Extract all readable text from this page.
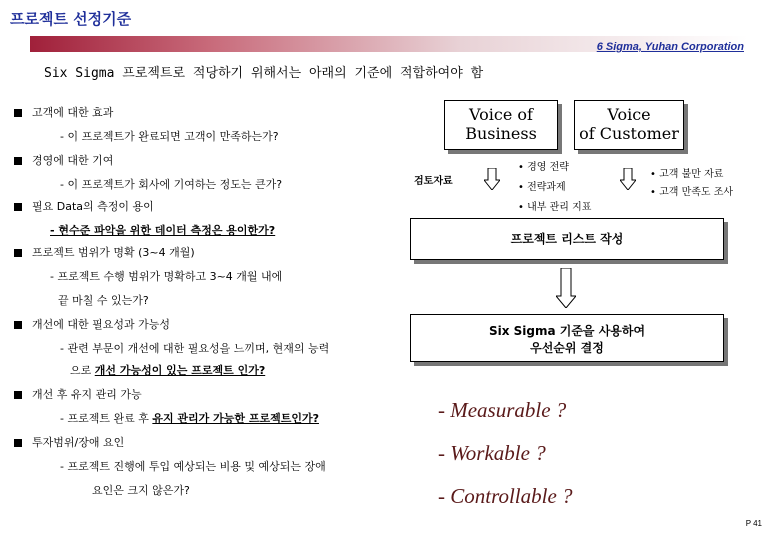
프로젝트 선정기준
6 Sigma, Yuhan Corporation
Six Sigma 프로젝트로 적당하기 위해서는 아래의 기준에 적합하여야 함
고객에 대한 효과
- 이 프로젝트가 완료되면 고객이 만족하는가?
경영에 대한 기여
- 이 프로젝트가 회사에 기여하는 정도는 큰가?
필요 Data의 측정이 용이
- 현수준 파악을 위한 데이터 측정은 용이한가?
프로젝트 범위가 명확 (3~4 개월)
- 프로젝트 수행 범위가 명확하고 3~4 개월 내에
끝 마칠 수 있는가?
개선에 대한 필요성과 가능성
- 관련 부문이 개선에 대한 필요성을 느끼며, 현재의 능력
으로 개선 가능성이 있는 프로젝트 인가?
개선 후 유지 관리 가능
- 프로젝트 완료 후 유지 관리가 가능한 프로젝트인가?
투자범위/장애 요인
- 프로젝트 진행에 투입 예상되는 비용 및 예상되는 장애
요인은 크지 않은가?
Voice of
Business
Voice
of Customer
검토자료
• 경영 전략
• 전략과제
• 내부 관리 지표
• 고객 불만 자료
• 고객 만족도 조사
프로젝트 리스트 작성
Six Sigma 기준을 사용하여
우선순위 결정
- Measurable ?
- Workable ?
- Controllable ?
P 41
